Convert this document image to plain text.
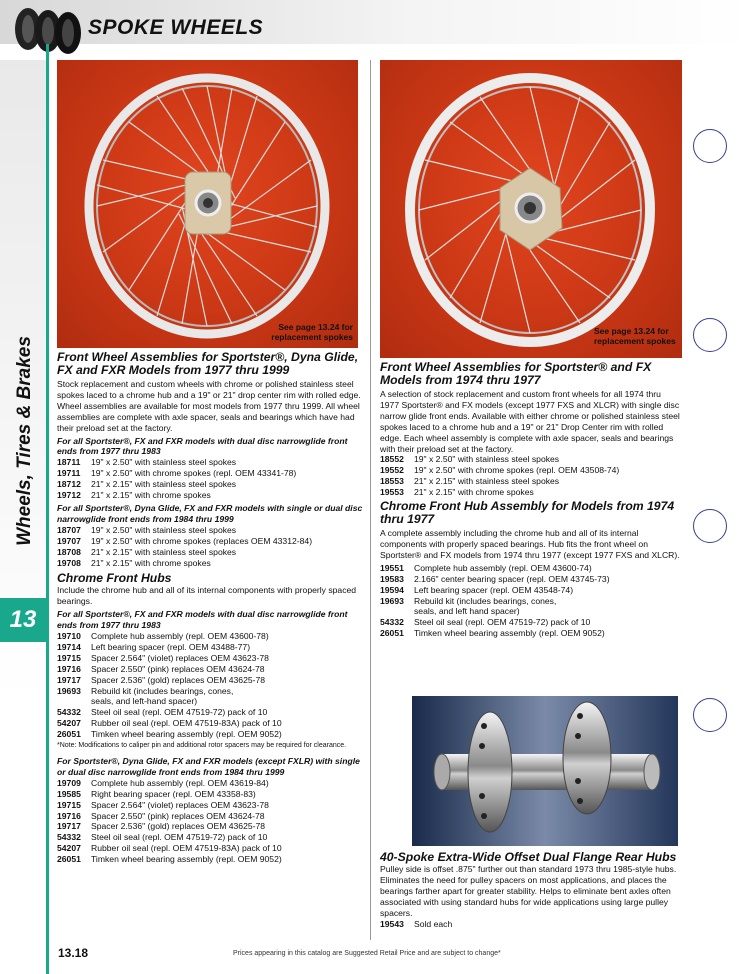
SPOKE WHEELS
Wheels, Tires & Brakes
13
See page 13.24 for replacement spokes
See page 13.24 for replacement spokes

Front Wheel Assemblies for Sportster®, Dyna Glide, FX and FXR Models from 1977 thru 1999

Stock replacement and custom wheels with chrome or polished stainless steel spokes laced to a chrome hub and a 19" or 21" drop center rim with rolled edge. Wheel assemblies are available for most models from 1977 thru 1999. All wheel assemblies are complete with axle spacer, seals and bearings which have had their preload set at the factory.

For all Sportster®, FX and FXR models with dual disc narrowglide front ends from 1977 thru 1983

18711	19" x 2.50" with stainless steel spokes
19711	19" x 2.50" with chrome spokes (repl. OEM 43341-78)
18712	21" x 2.15" with stainless steel spokes
19712	21" x 2.15" with chrome spokes

For all Sportster®, Dyna Glide, FX and FXR models with single or dual disc narrowglide front ends from 1984 thru 1999

18707	19" x 2.50" with stainless steel spokes
19707	19" x 2.50" with chrome spokes (replaces OEM 43312-84)
18708	21" x 2.15" with stainless steel spokes
19708	21" x 2.15" with chrome spokes

Chrome Front Hubs

Include the chrome hub and all of its internal components with properly spaced bearings.

For all Sportster®, FX and FXR models with dual disc narrowglide front ends from 1977 thru 1983

19710	Complete hub assembly (repl. OEM 43600-78)
19714	Left bearing spacer (repl. OEM 43488-77)
19715	Spacer 2.564" (violet) replaces OEM 43623-78
19716	Spacer 2.550" (pink) replaces OEM 43624-78
19717	Spacer 2.536" (gold) replaces OEM 43625-78
19693	Rebuild kit (includes bearings, cones, seals, and left-hand spacer)
54332	Steel oil seal (repl. OEM 47519-72) pack of 10
54207	Rubber oil seal (repl. OEM 47519-83A) pack of 10
26051	Timken wheel bearing assembly (repl. OEM 9052)

*Note: Modifications to caliper pin and additional rotor spacers may be required for clearance.

For Sportster®, Dyna Glide, FX and FXR models (except FXLR) with single or dual disc narrowglide front ends from 1984 thru 1999

19709	Complete hub assembly (repl. OEM 43619-84)
19585	Right bearing spacer (repl. OEM 43358-83)
19715	Spacer 2.564" (violet) replaces OEM 43623-78
19716	Spacer 2.550" (pink) replaces OEM 43624-78
19717	Spacer 2.536" (gold) replaces OEM 43625-78
54332	Steel oil seal (repl. OEM 47519-72) pack of 10
54207	Rubber oil seal (repl. OEM 47519-83A) pack of 10
26051	Timken wheel bearing assembly (repl. OEM 9052)

Front Wheel Assemblies for Sportster® and FX Models from 1974 thru 1977

A selection of stock replacement and custom front wheels for all 1974 thru 1977 Sportster® and FX models (except 1977 FXS and XLCR) with single disc narrow glide front ends. Available with either chrome or polished stainless steel spokes laced to a chrome hub and a 19" or 21" Drop Center rim with rolled edge. Each wheel assembly is complete with axle spacer, seals and bearings with their preload set at the factory.

18552	19" x 2.50" with stainless steel spokes
19552	19" x 2.50" with chrome spokes (repl. OEM 43508-74)
18553	21" x 2.15" with stainless steel spokes
19553	21" x 2.15" with chrome spokes

Chrome Front Hub Assembly for Models from 1974 thru 1977

A complete assembly including the chrome hub and all of its internal components with properly spaced bearings. Hub fits the front wheel on Sportster® and FX models from 1974 thru 1977 (except 1977 FXS and XLCR).

19551	Complete hub assembly (repl. OEM 43600-74)
19583	2.166" center bearing spacer (repl. OEM 43745-73)
19594	Left bearing spacer (repl. OEM 43548-74)
19693	Rebuild kit (includes bearings, cones, seals, and left hand spacer)
54332	Steel oil seal (repl. OEM 47519-72) pack of 10
26051	Timken wheel bearing assembly (repl. OEM 9052)

40-Spoke Extra-Wide Offset Dual Flange Rear Hubs

Pulley side is offset .875" further out than standard 1973 thru 1985-style hubs. Eliminates the need for pulley spacers on most applications, and places the bearings farther apart for greater stability. Helps to eliminate bent axles often associated with using standard hubs for wide applications using large pulley spacers.

19543	Sold each
13.18	Prices appearing in this catalog are Suggested Retail Price and are subject to change*
